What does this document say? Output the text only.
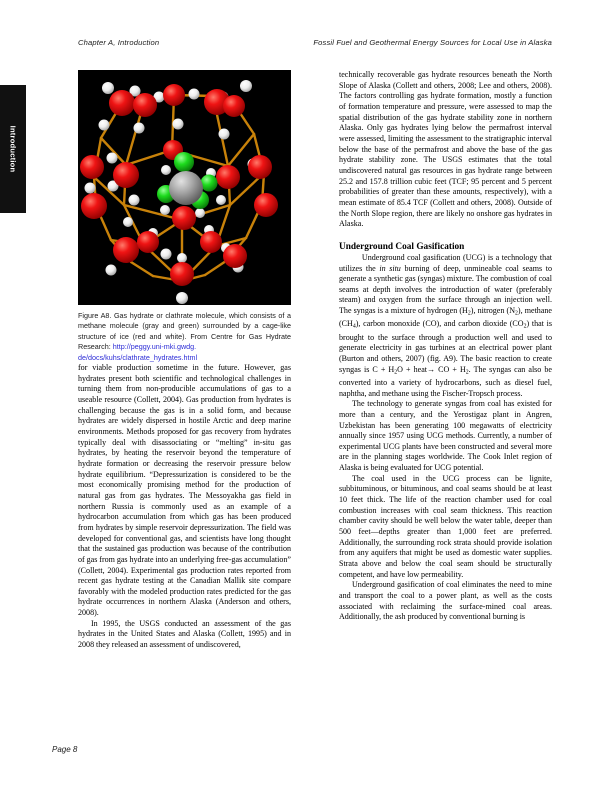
Chapter A, Introduction	Fossil Fuel and Geothermal Energy Sources for Local Use in Alaska
Introduction
Figure A8. Gas hydrate or clathrate molecule, which consists of a methane molecule (gray and green) surrounded by a cage-like structure of ice (red and white). From Centre for Gas Hydrate Research: http://peggy.uni-mki.gwdg.
de/docs/kuhs/clathrate_hydrates.html

for viable production sometime in the future. However, gas hydrates present both scientific and technological challenges in turning them from non-producible accumulations of gas to a useable resource (Collett, 2004). Gas production from hydrates is challenging because the gas is in a solid form, and because hydrates are widely dispersed in hostile Arctic and deep marine environments. Methods proposed for gas recovery from hydrates typically deal with disassociating or “melting” in-situ gas hydrates, by heating the reservoir beyond the temperature of hydrate formation or decreasing the reservoir pressure below hydrate equilibrium. “Depressurization is considered to be the most economically promising method for the production of natural gas from gas hydrates. The Messoyakha gas field in northern Russia is commonly used as an example of a hydrocarbon accumulation from which gas has been produced from hydrates by simple reservoir depressurization. The field was developed for conventional gas, and scientists have long thought that the sustained gas production was because of the contribution of gas from gas hydrate into an underlying free-gas accumulation” (Collett, 2004). Experimental gas production rates reported from recent gas hydrate testing at the Canadian Mallik site compare favorably with the modeled production rates predicted for the gas hydrate occurrences in northern Alaska (Anderson and others, 2008).

In 1995, the USGS conducted an assessment of the gas hydrates in the United States and Alaska (Collett, 1995) and in 2008 they released an assessment of undiscovered,

technically recoverable gas hydrate resources beneath the North Slope of Alaska (Collett and others, 2008; Lee and others, 2008). The factors controlling gas hydrate formation, mostly a function of formation temperature and pressure, were assessed to map the spatial distribution of the gas hydrate stability zone in northern Alaska. Only gas hydrates lying below the permafrost interval were assessed, limiting the assessment to the stratigraphic interval below the base of the permafrost and above the base of the gas hydrate stability zone. The USGS estimates that the total undiscovered natural gas resources in gas hydrate range between 25.2 and 157.8 trillion cubic feet (TCF; 95 percent and 5 percent probabilities of greater than these amounts, respectively), with a mean estimate of 85.4 TCF (Collett and others, 2008). Outside of the North Slope region, there are likely no onshore gas hydrates in Alaska.

Underground Coal Gasification

Underground coal gasification (UCG) is a technology that utilizes the in situ burning of deep, unmineable coal seams to generate a synthetic gas (syngas) mixture. The combustion of coal seams at depth involves the introduction of water (preferably steam) and oxygen from the surface through an injection well. The syngas is a mixture of hydrogen $(H_2)$, nitrogen $(N_2)$, methane $(CH_4)$, carbon monoxide (CO), and carbon dioxide $(CO_2)$ that is brought to the surface through a production well and used to generate electricity in gas turbines at an electrical power plant (Burton and others, 2007) (fig. A9). The basic reaction to create syngas is $C + H_2O$ + heat→ CO + $H_2$. The syngas can also be converted into a variety of hydrocarbons, such as diesel fuel, naphtha, and methane using the Fischer-Tropsch process.

The technology to generate syngas from coal has existed for more than a century, and the Yerostigaz plant in Angren, Uzbekistan has been generating 100 megawatts of electricity annually since 1957 using UCG methods. Currently, a number of experimental UCG plants have been constructed and several more are in the planning stages worldwide. The Cook Inlet region of Alaska is being evaluated for UCG potential.

The coal used in the UCG process can be lignite, subbituminous, or bituminous, and coal seams should be at least 10 feet thick. The life of the reaction chamber used for coal combustion increases with coal seam thickness. This reaction chamber cavity should be well below the water table, deeper than 500 feet—depths greater than 1,000 feet are preferred. Additionally, the surrounding rock strata should provide isolation from any aquifers that might be used as domestic water supplies. Strata above and below the coal seam should be structurally competent, and have low permeability.

Underground gasification of coal eliminates the need to mine and transport the coal to a power plant, as well as the costs associated with reclaiming the surface-mined coal areas. Additionally, the ash produced by conventional burning is

Page 8
